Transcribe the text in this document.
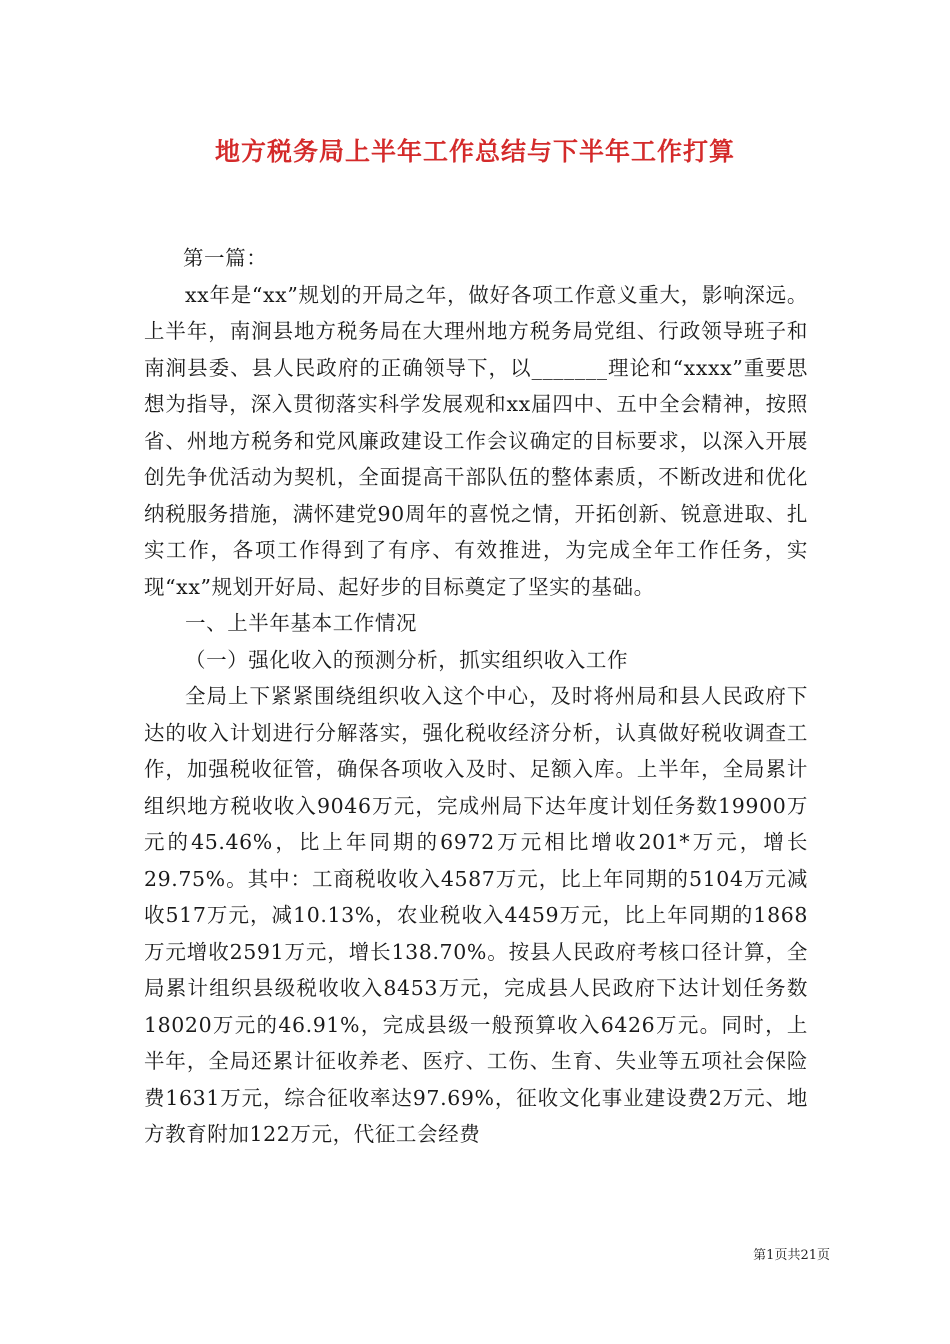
地方税务局上半年工作总结与下半年工作打算

第一篇：

xx年是“xx”规划的开局之年，做好各项工作意义重大，影响深远。上半年，南涧县地方税务局在大理州地方税务局党组、行政领导班子和南涧县委、县人民政府的正确领导下，以_______理论和“xxxx”重要思想为指导，深入贯彻落实科学发展观和xx届四中、五中全会精神，按照省、州地方税务和党风廉政建设工作会议确定的目标要求，以深入开展创先争优活动为契机，全面提高干部队伍的整体素质，不断改进和优化纳税服务措施，满怀建党90周年的喜悦之情，开拓创新、锐意进取、扎实工作，各项工作得到了有序、有效推进，为完成全年工作任务，实现“xx”规划开好局、起好步的目标奠定了坚实的基础。

一、上半年基本工作情况

（一）强化收入的预测分析，抓实组织收入工作

全局上下紧紧围绕组织收入这个中心，及时将州局和县人民政府下达的收入计划进行分解落实，强化税收经济分析，认真做好税收调查工作，加强税收征管，确保各项收入及时、足额入库。上半年，全局累计组织地方税收收入9046万元，完成州局下达年度计划任务数19900万元的45.46%，比上年同期的6972万元相比增收201*万元，增长29.75%。其中：工商税收收入4587万元，比上年同期的5104万元减收517万元，减10.13%，农业税收入4459万元，比上年同期的1868万元增收2591万元，增长138.70%。按县人民政府考核口径计算，全局累计组织县级税收收入8453万元，完成县人民政府下达计划任务数18020万元的46.91%，完成县级一般预算收入6426万元。同时，上半年，全局还累计征收养老、医疗、工伤、生育、失业等五项社会保险费1631万元，综合征收率达97.69%，征收文化事业建设费2万元、地方教育附加122万元，代征工会经费

第1页共21页
